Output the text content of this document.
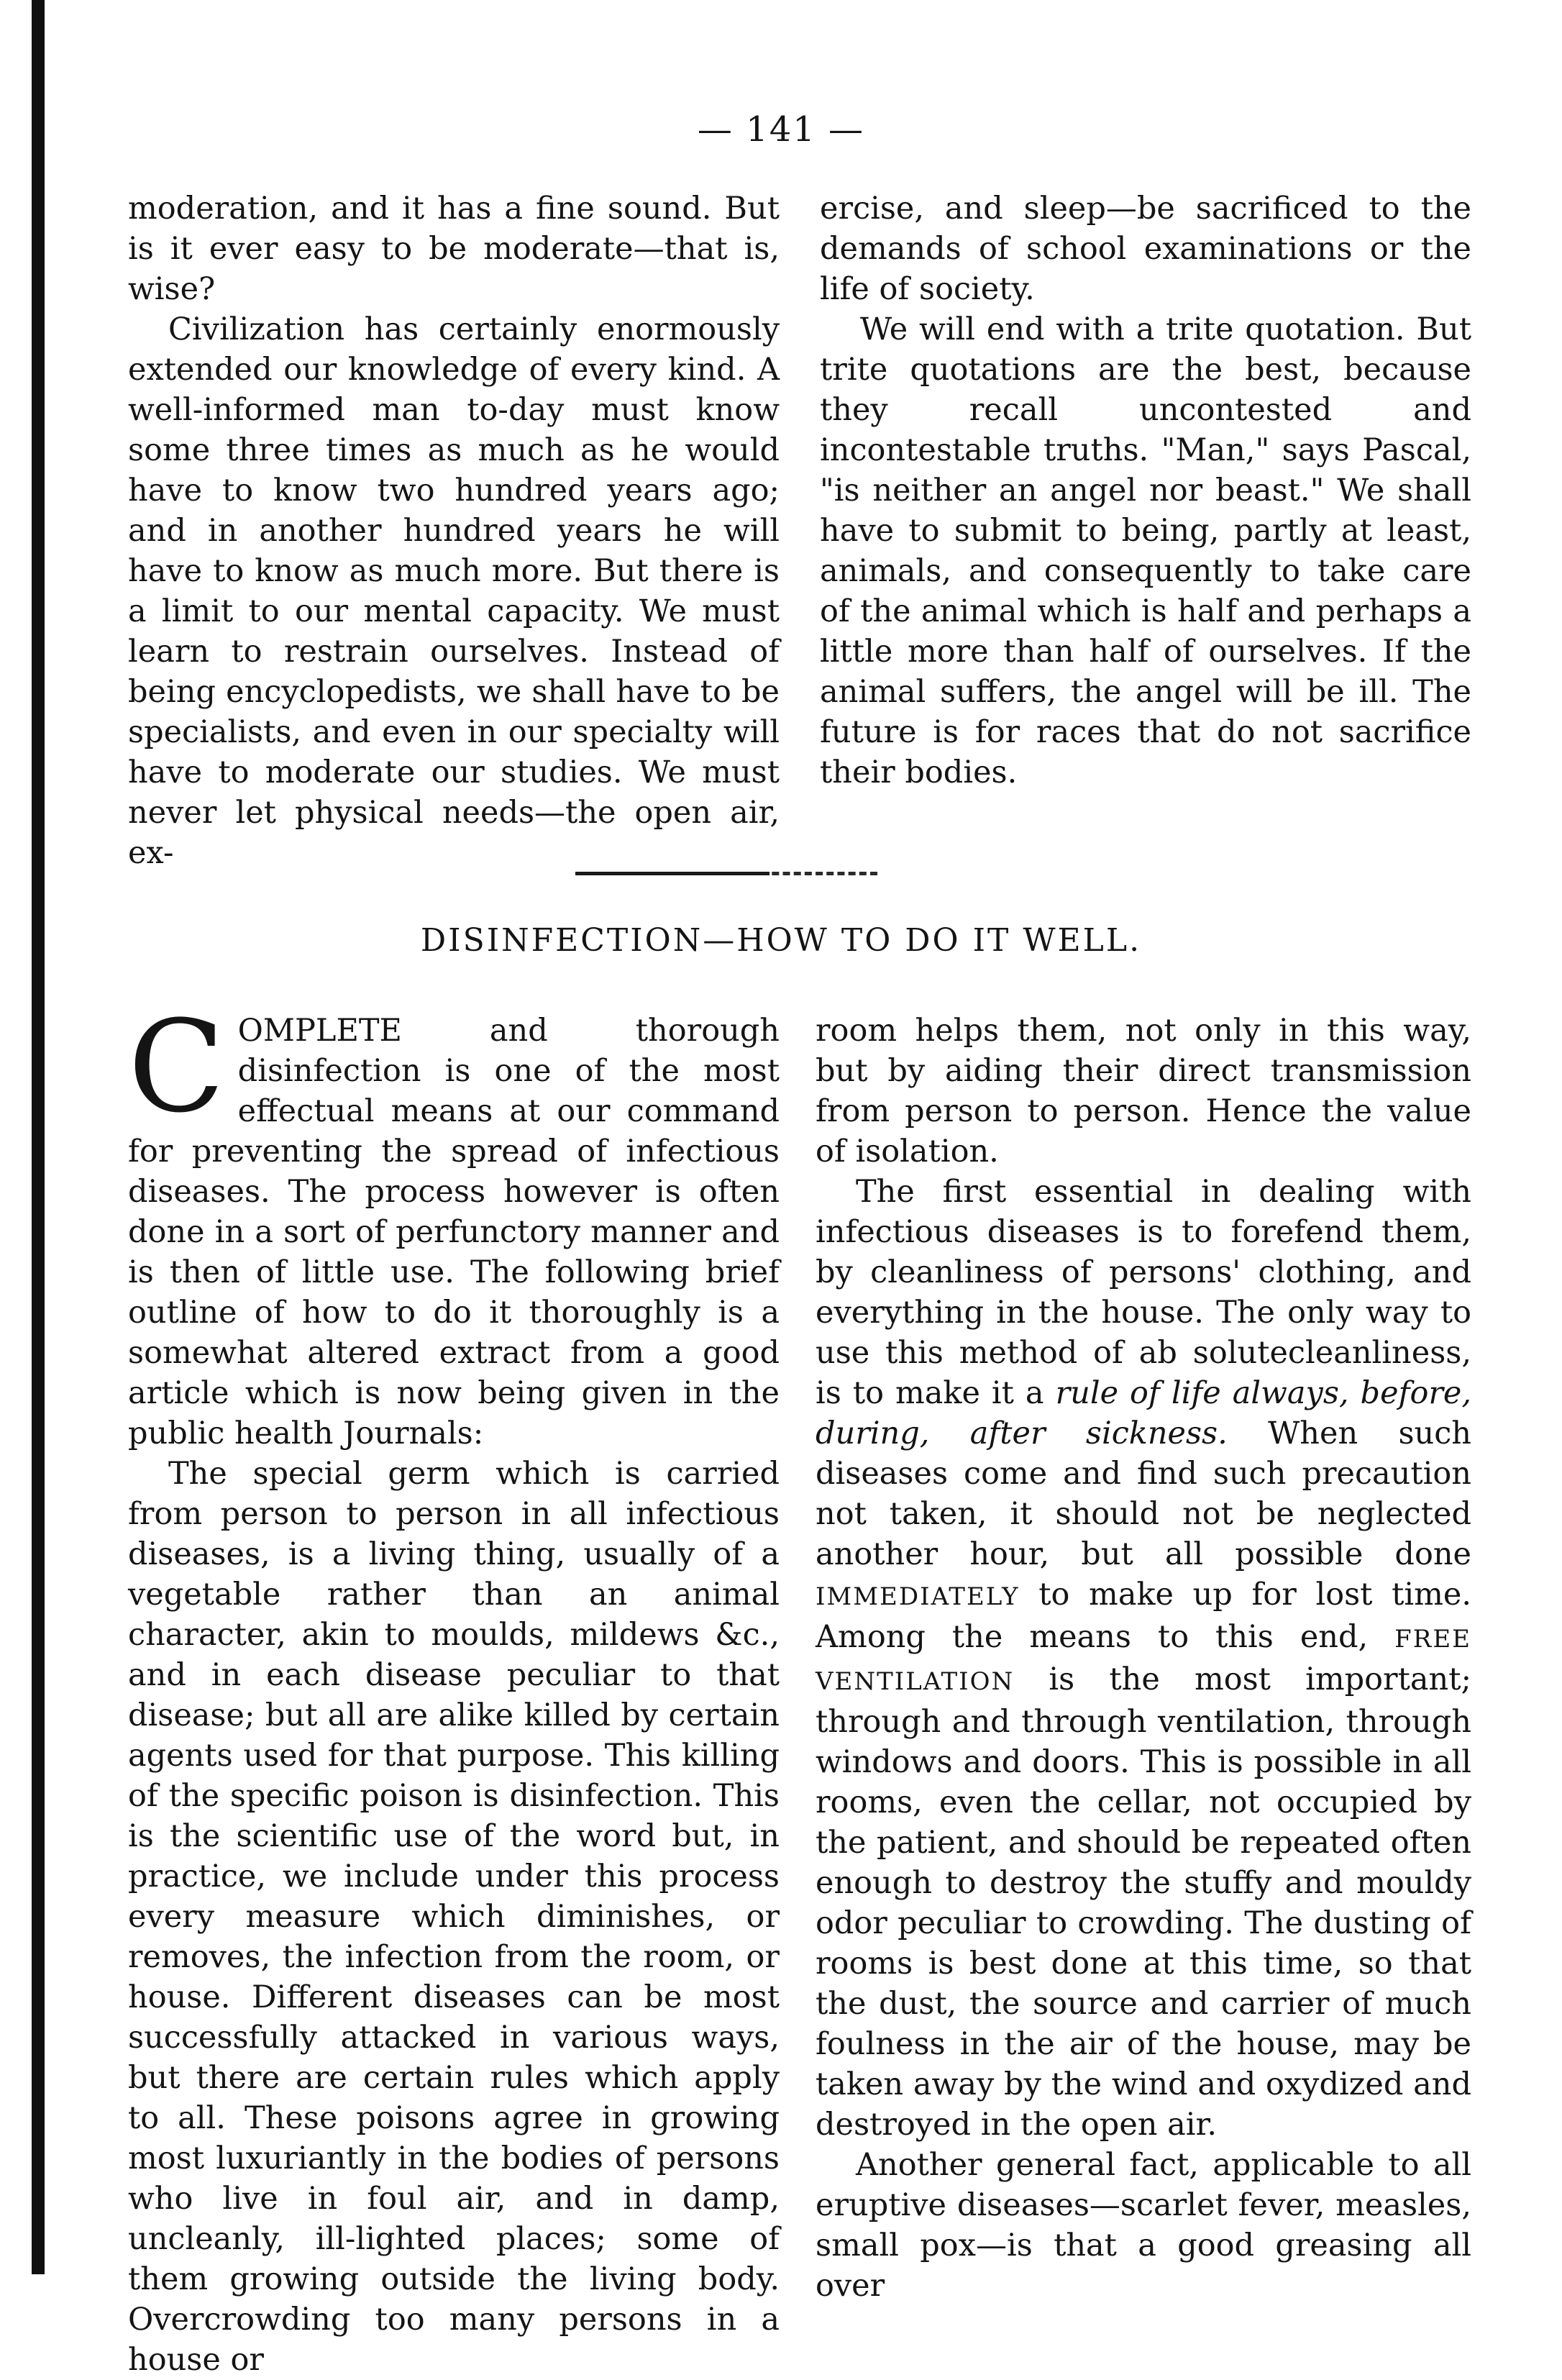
— 141 —

moderation, and it has a fine sound. But is it ever easy to be moderate—that is, wise?

Civilization has certainly enormously extended our knowledge of every kind. A well-informed man to-day must know some three times as much as he would have to know two hundred years ago; and in another hundred years he will have to know as much more. But there is a limit to our mental capacity. We must learn to restrain ourselves. Instead of being encyclopedists, we shall have to be specialists, and even in our specialty will have to moderate our studies. We must never let physical needs—the open air, ex-

ercise, and sleep—be sacrificed to the demands of school examinations or the life of society.

We will end with a trite quotation. But trite quotations are the best, because they recall uncontested and incontestable truths. "Man," says Pascal, "is neither an angel nor beast." We shall have to submit to being, partly at least, animals, and consequently to take care of the animal which is half and perhaps a little more than half of ourselves. If the animal suffers, the angel will be ill. The future is for races that do not sacrifice their bodies.

DISINFECTION—HOW TO DO IT WELL.

COMPLETE and thorough disinfection is one of the most effectual means at our command for preventing the spread of infectious diseases. The process however is often done in a sort of perfunctory manner and is then of little use. The following brief outline of how to do it thoroughly is a somewhat altered extract from a good article which is now being given in the public health Journals:

The special germ which is carried from person to person in all infectious diseases, is a living thing, usually of a vegetable rather than an animal character, akin to moulds, mildews &c., and in each disease peculiar to that disease; but all are alike killed by certain agents used for that purpose. This killing of the specific poison is disinfection. This is the scientific use of the word but, in practice, we include under this process every measure which diminishes, or removes, the infection from the room, or house. Different diseases can be most successfully attacked in various ways, but there are certain rules which apply to all. These poisons agree in growing most luxuriantly in the bodies of persons who live in foul air, and in damp, uncleanly, ill-lighted places; some of them growing outside the living body. Overcrowding too many persons in a house or

room helps them, not only in this way, but by aiding their direct transmission from person to person. Hence the value of isolation.

The first essential in dealing with infectious diseases is to forefend them, by cleanliness of persons' clothing, and everything in the house. The only way to use this method of ab solutecleanliness, is to make it a rule of life always, before, during, after sickness. When such diseases come and find such precaution not taken, it should not be neglected another hour, but all possible done IMMEDIATELY to make up for lost time. Among the means to this end, FREE VENTILATION is the most important; through and through ventilation, through windows and doors. This is possible in all rooms, even the cellar, not occupied by the patient, and should be repeated often enough to destroy the stuffy and mouldy odor peculiar to crowding. The dusting of rooms is best done at this time, so that the dust, the source and carrier of much foulness in the air of the house, may be taken away by the wind and oxydized and destroyed in the open air.

Another general fact, applicable to all eruptive diseases—scarlet fever, measles, small pox—is that a good greasing all over
